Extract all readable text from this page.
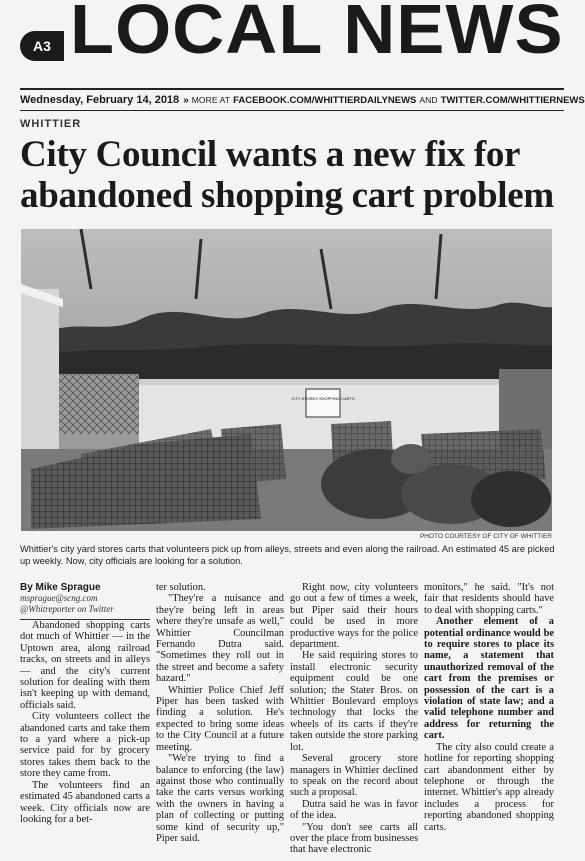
A3 LOCAL NEWS
Wednesday, February 14, 2018 » MORE AT FACEBOOK.COM/WHITTIERDAILYNEWS AND TWITTER.COM/WHITTIERNEWS
WHITTIER
City Council wants a new fix for abandoned shopping cart problem
CITY STORES SHOPPING CARTS
PHOTO COURTESY OF CITY OF WHITTIER
Whittier's city yard stores carts that volunteers pick up from alleys, streets and even along the railroad. An estimated 45 are picked up weekly. Now, city officials are looking for a solution.
By Mike Sprague
msprague@scng.com
@Whitreporter on Twitter

Abandoned shopping carts dot much of Whittier — in the Uptown area, along railroad tracks, on streets and in alleys — and the city's current solution for dealing with them isn't keeping up with demand, officials said.

City volunteers collect the abandoned carts and take them to a yard where a pick-up service paid for by grocery stores takes them back to the store they came from.

The volunteers find an estimated 45 abandoned carts a week. City officials now are looking for a bet-

ter solution.

"They're a nuisance and they're being left in areas where they're unsafe as well," Whittier Councilman Fernando Dutra said. "Sometimes they roll out in the street and become a safety hazard."

Whittier Police Chief Jeff Piper has been tasked with finding a solution. He's expected to bring some ideas to the City Council at a future meeting.

"We're trying to find a balance to enforcing (the law) against those who continually take the carts versus working with the owners in having a plan of collecting or putting some kind of security up," Piper said.

Right now, city volunteers go out a few of times a week, but Piper said their hours could be used in more productive ways for the police department.

He said requiring stores to install electronic security equipment could be one solution; the Stater Bros. on Whittier Boulevard employs technology that locks the wheels of its carts if they're taken outside the store parking lot.

Several grocery store managers in Whittier declined to speak on the record about such a proposal.

Dutra said he was in favor of the idea.

"You don't see carts all over the place from businesses that have electronic

monitors," he said. "It's not fair that residents should have to deal with shopping carts."

Another element of a potential ordinance would be to require stores to place its name, a statement that unauthorized removal of the cart from the premises or possession of the cart is a violation of state law; and a valid telephone number and address for returning the cart.

The city also could create a hotline for reporting shopping cart abandonment either by telephone or through the internet. Whittier's app already includes a process for reporting abandoned shopping carts.
